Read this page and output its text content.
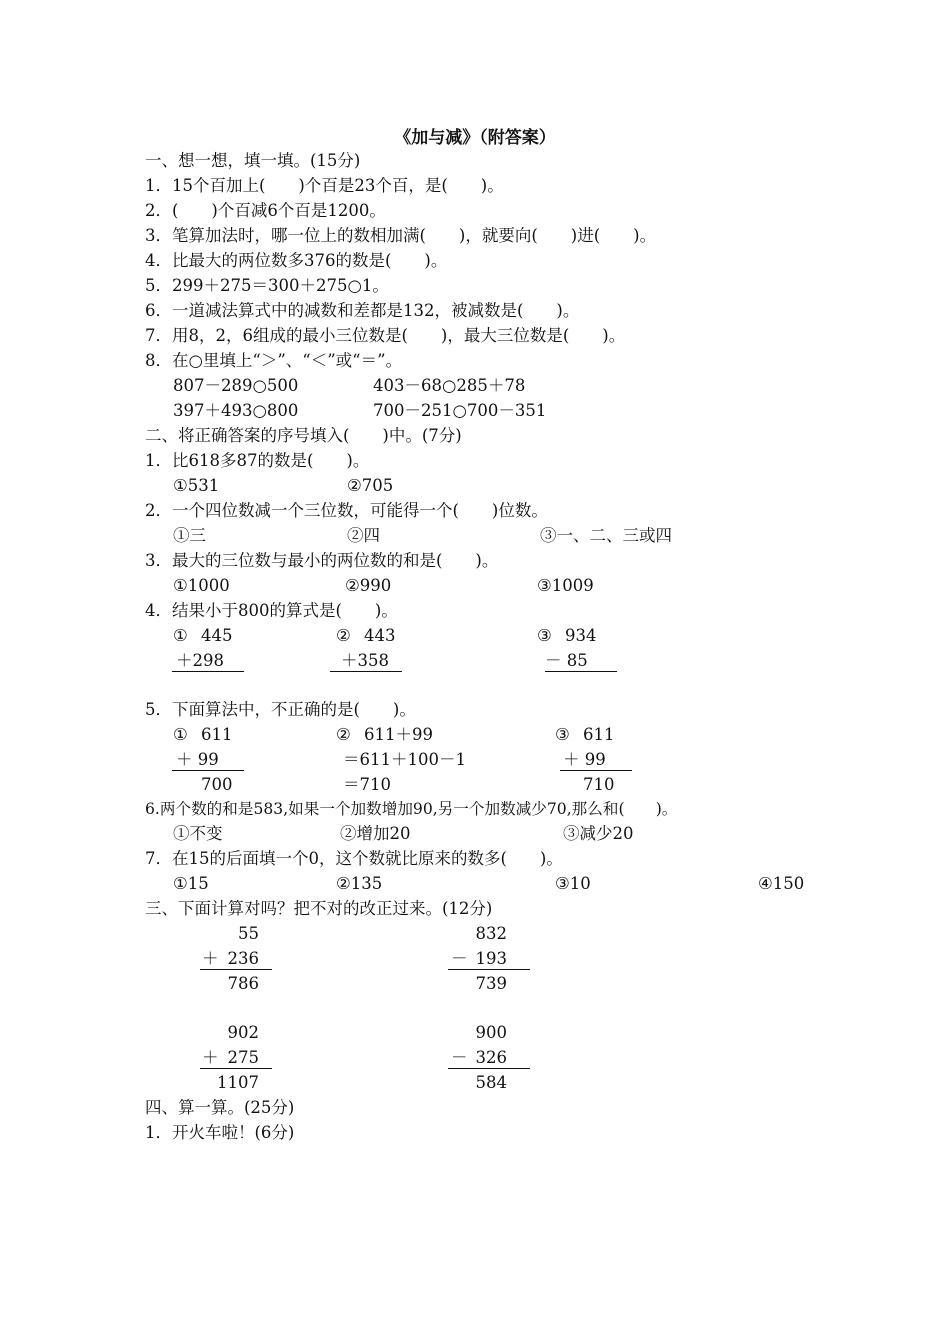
《加与减》（附答案）
一、想一想，填一填。(15分)
1．15个百加上(　　)个百是23个百，是(　　)。
2．(　　)个百减6个百是1200。
3．笔算加法时，哪一位上的数相加满(　　)，就要向(　　)进(　　)。
4．比最大的两位数多376的数是(　　)。
5．299＋275＝300＋275○1。
6．一道减法算式中的减数和差都是132，被减数是(　　)。
7．用8，2，6组成的最小三位数是(　　)，最大三位数是(　　)。
8．在○里填上“＞”、“＜”或“＝”。
807－289○500	403－68○285＋78
397＋493○800	700－251○700－351
二、将正确答案的序号填入(　　)中。(7分)
1．比618多87的数是(　　)。
①531	②705
2．一个四位数减一个三位数，可能得一个(　　)位数。
①三	②四	③一、二、三或四
3．最大的三位数与最小的两位数的和是(　　)。
①1000	②990	③1009
4．结果小于800的算式是(　　)。
① 445
＋298
② 443
＋358
③ 934
－ 85
5．下面算法中，不正确的是(　　)。
① 611
＋ 99
700
② 611＋99
＝611＋100－1
＝710
③ 611
＋ 99
710
6.两个数的和是583,如果一个加数增加90,另一个加数减少70,那么和(　　)。
①不变	②增加20	③减少20
7．在15的后面填一个0，这个数就比原来的数多(　　)。
①15	②135	③10	④150
三、下面计算对吗？把不对的改正过来。(12分)
55
＋ 236
786
832
－ 193
739
902
＋ 275
1107
900
－ 326
584
四、算一算。(25分)
1．开火车啦！(6分)
